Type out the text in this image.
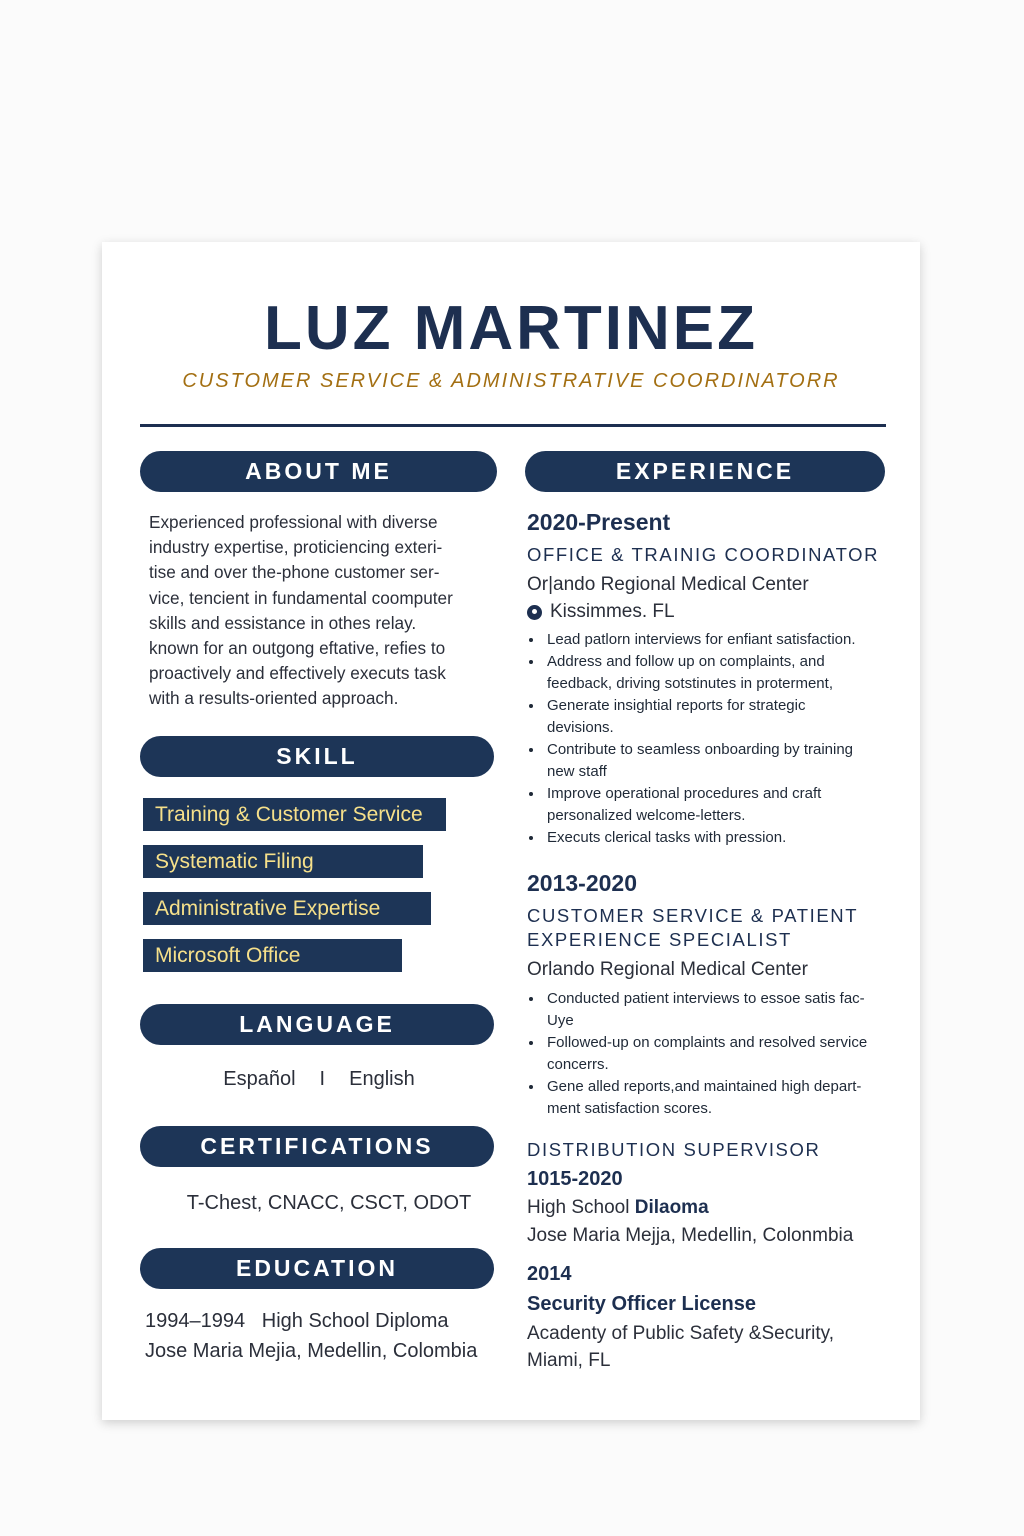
LUZ MARTINEZ

CUSTOMER SERVICE & ADMINISTRATIVE COORDINATORR

ABOUT ME
Experienced professional with diverse
industry expertise, proticiencing exteri-
tise and over the-phone customer ser-
vice, tencient in fundamental coomputer
skills and essistance in othes relay.
known for an outgong eftative, refies to
proactively and effectively executs task
with a results-oriented approach.
SKILL
Training & Customer Service
Systematic Filing
Administrative Expertise
Microsoft Office
LANGUAGE
Español I English
CERTIFICATIONS
T-Chest, CNACC, CSCT, ODOT
EDUCATION
1994–1994 High School Diploma
Jose Maria Mejia, Medellin, Colombia
EXPERIENCE
2020-Present
OFFICE & TRAINIG COORDINATOR
Or|ando Regional Medical Center
Kissimmes. FL
Lead patlorn interviews for enfiant satisfaction.
Address and follow up on complaints, and
feedback, driving sotstinutes in proterment,
Generate insightial reports for strategic
devisions.
Contribute to seamless onboarding by training
new staff
Improve operational procedures and craft
personalized welcome-letters.
Executs clerical tasks with pression.
2013-2020
CUSTOMER SERVICE & PATIENT
EXPERIENCE SPECIALIST
Orlando Regional Medical Center
Conducted patient interviews to essoe satis fac-
Uye
Followed-up on complaints and resolved service
concerrs.
Gene alled reports,and maintained high depart-
ment satisfaction scores.
DISTRIBUTION SUPERVISOR
1015-2020
High School Dilaoma
Jose Maria Mejja, Medellin, Colonmbia
2014
Security Officer License
Acadenty of Public Safety &Security,
Miami, FL
